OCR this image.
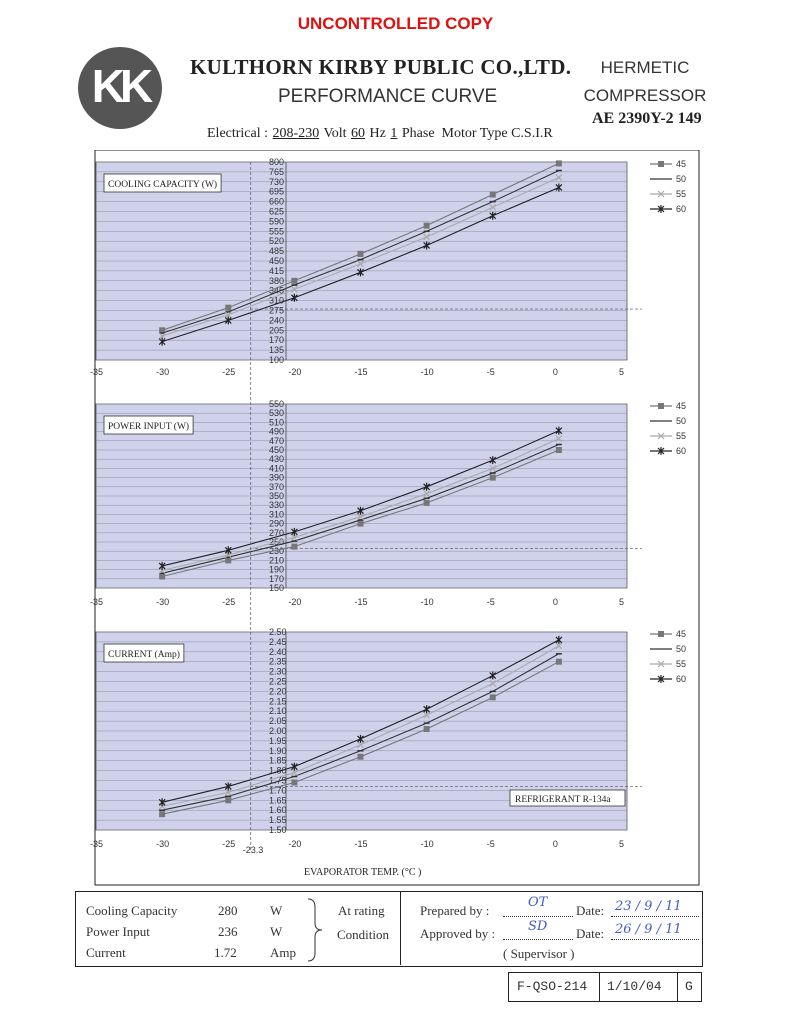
UNCONTROLLED COPY
KK	KULTHORN KIRBY PUBLIC CO.,LTD.
PERFORMANCE CURVE
HERMETIC
COMPRESSOR
AE 2390Y-2 149
Electrical : 208-230 Volt 60 Hz 1 Phase Motor Type C.S.I.R
100
135
170
205
240
275
310
345
380
415
450
485
520
555
590
625
660
695
730
765
800
-35	-30	-25	-20	-15	-10	-5	0	5
COOLING CAPACITY (W)
45
50
55
60
150
170
190
210
230
250
270
290
310
330
350
370
390
410
430
450
470
490
510
530
550
-35	-30	-25	-20	-15	-10	-5	0	5
POWER INPUT (W)
45
50
55
60
1.50
1.55
1.60
1.65
1.70
1.75
1.80
1.85
1.90
1.95
2.00
2.05
2.10
2.15
2.20
2.25
2.30
2.35
2.40
2.45
2.50
-35	-30	-25	-20	-15	-10	-5	0	5
CURRENT (Amp)
REFRIGERANT R-134a
45
50
55
60
-23.3
EVAPORATOR TEMP. (°C )
Cooling Capacity	280	W
Power Input	236	W
Current	1.72	Amp
At rating
Condition
Prepared by :
OT
Date: 23 / 9 / 11
Approved by :	SD Date: 26 / 9 / 11
( Supervisor )
F-QSO-214 1/10/04 G
